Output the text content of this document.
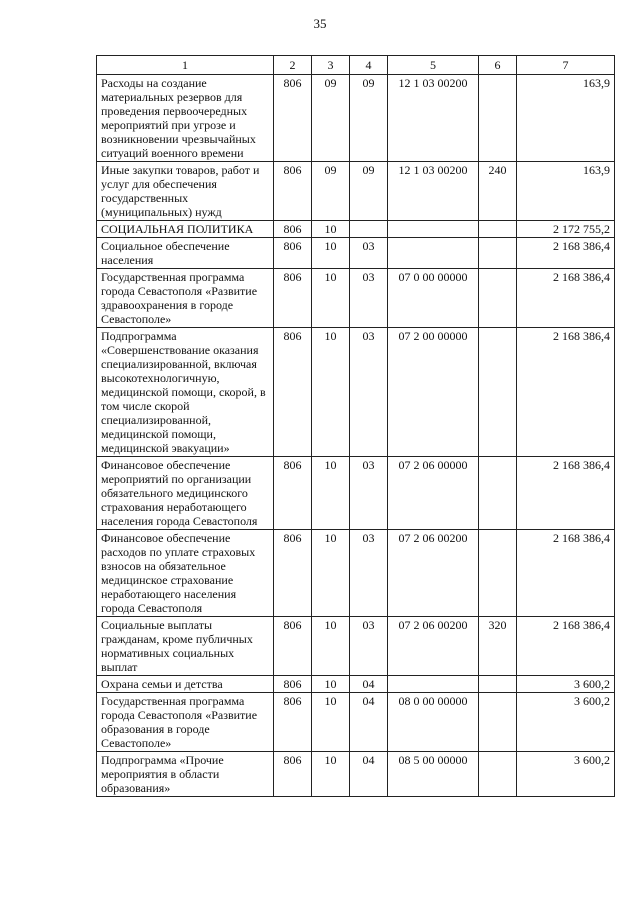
35
1	2	3	4	5	6	7
Расходы на создание материальных резервов для проведения первоочередных мероприятий при угрозе и возникновении чрезвычайных ситуаций военного времени	806	09	09	12 1 03 00200		163,9
Иные закупки товаров, работ и услуг для обеспечения государственных (муниципальных) нужд	806	09	09	12 1 03 00200	240	163,9
СОЦИАЛЬНАЯ ПОЛИТИКА	806	10				2 172 755,2
Социальное обеспечение населения	806	10	03			2 168 386,4
Государственная программа города Севастополя «Развитие здравоохранения в городе Севастополе»	806	10	03	07 0 00 00000		2 168 386,4
Подпрограмма «Совершенствование оказания специализированной, включая высокотехнологичную, медицинской помощи, скорой, в том числе скорой специализированной, медицинской помощи, медицинской эвакуации»	806	10	03	07 2 00 00000		2 168 386,4
Финансовое обеспечение мероприятий по организации обязательного медицинского страхования неработающего населения города Севастополя	806	10	03	07 2 06 00000		2 168 386,4
Финансовое обеспечение расходов по уплате страховых взносов на обязательное медицинское страхование неработающего населения города Севастополя	806	10	03	07 2 06 00200		2 168 386,4
Социальные выплаты гражданам, кроме публичных нормативных социальных выплат	806	10	03	07 2 06 00200	320	2 168 386,4
Охрана семьи и детства	806	10	04			3 600,2
Государственная программа города Севастополя «Развитие образования в городе Севастополе»	806	10	04	08 0 00 00000		3 600,2
Подпрограмма «Прочие мероприятия в области образования»	806	10	04	08 5 00 00000		3 600,2
